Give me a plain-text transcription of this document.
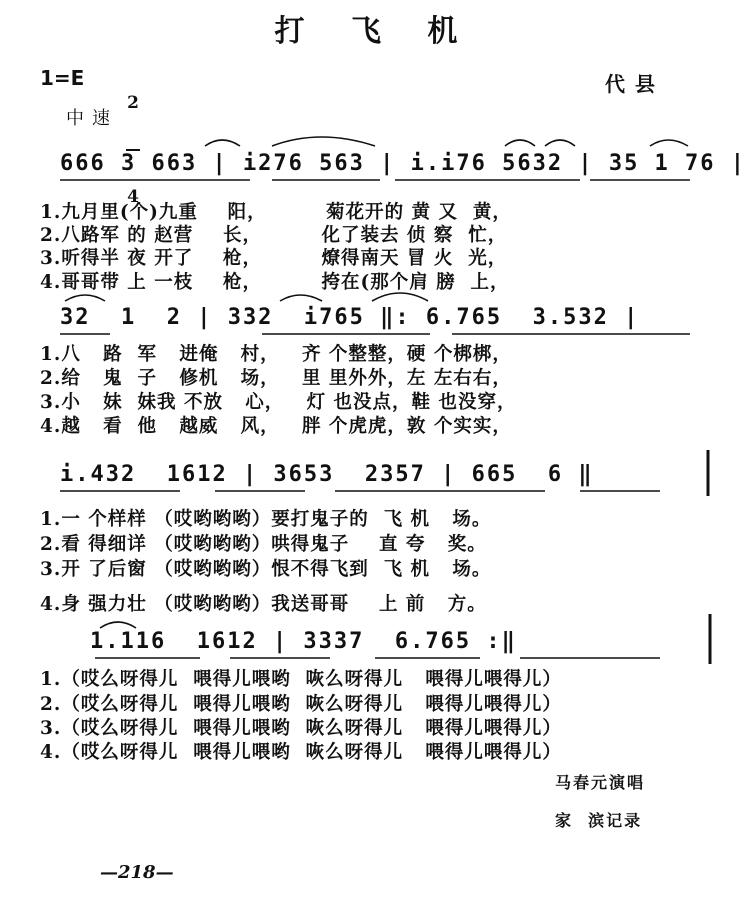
打 飞 机
1=E

2

4

代县
中速
666 3 663 | i276 563 | i.i76 5632 | 35 1 76 |
1.九月里(个)九重    阳，        菊花开的 黄 又  黄，
2.八路军 的 赵营    长，        化了装去 侦 察  忙，
3.听得半 夜 开了    枪，        燎得南天 冒 火  光，
4.哥哥带 上 一枝    枪，        挎在(那个肩 膀  上，
32  1  2 | 332  i765 ‖: 6.765  3.532 |
1.八   路  军   进俺   村，   齐 个整整，硬 个梆梆，
2.给   鬼  子   修机   场，   里 里外外，左 左右右，
3.小   妹  妹我 不放   心，   灯 也没点，鞋 也没穿，
4.越   看  他   越威   风，   胖 个虎虎，敦 个实实，
i.432  1612 | 3653  2357 | 665  6 ‖
1.一 个样样 （哎哟哟哟）要打鬼子的  飞 机   场。
2.看 得细详 （哎哟哟哟）哄得鬼子    直 夸   奖。
3.开 了后窗 （哎哟哟哟）恨不得飞到  飞 机   场。
4.身 强力壮 （哎哟哟哟）我送哥哥    上 前   方。
1.116  1612 | 3337  6.765 :‖
1.（哎么呀得儿  喂得儿喂哟  咴么呀得儿   喂得儿喂得儿）
2.（哎么呀得儿  喂得儿喂哟  咴么呀得儿   喂得儿喂得儿）
3.（哎么呀得儿  喂得儿喂哟  咴么呀得儿   喂得儿喂得儿）
4.（哎么呀得儿  喂得儿喂哟  咴么呀得儿   喂得儿喂得儿）
马春元演唱
家  滨记录
—218—
